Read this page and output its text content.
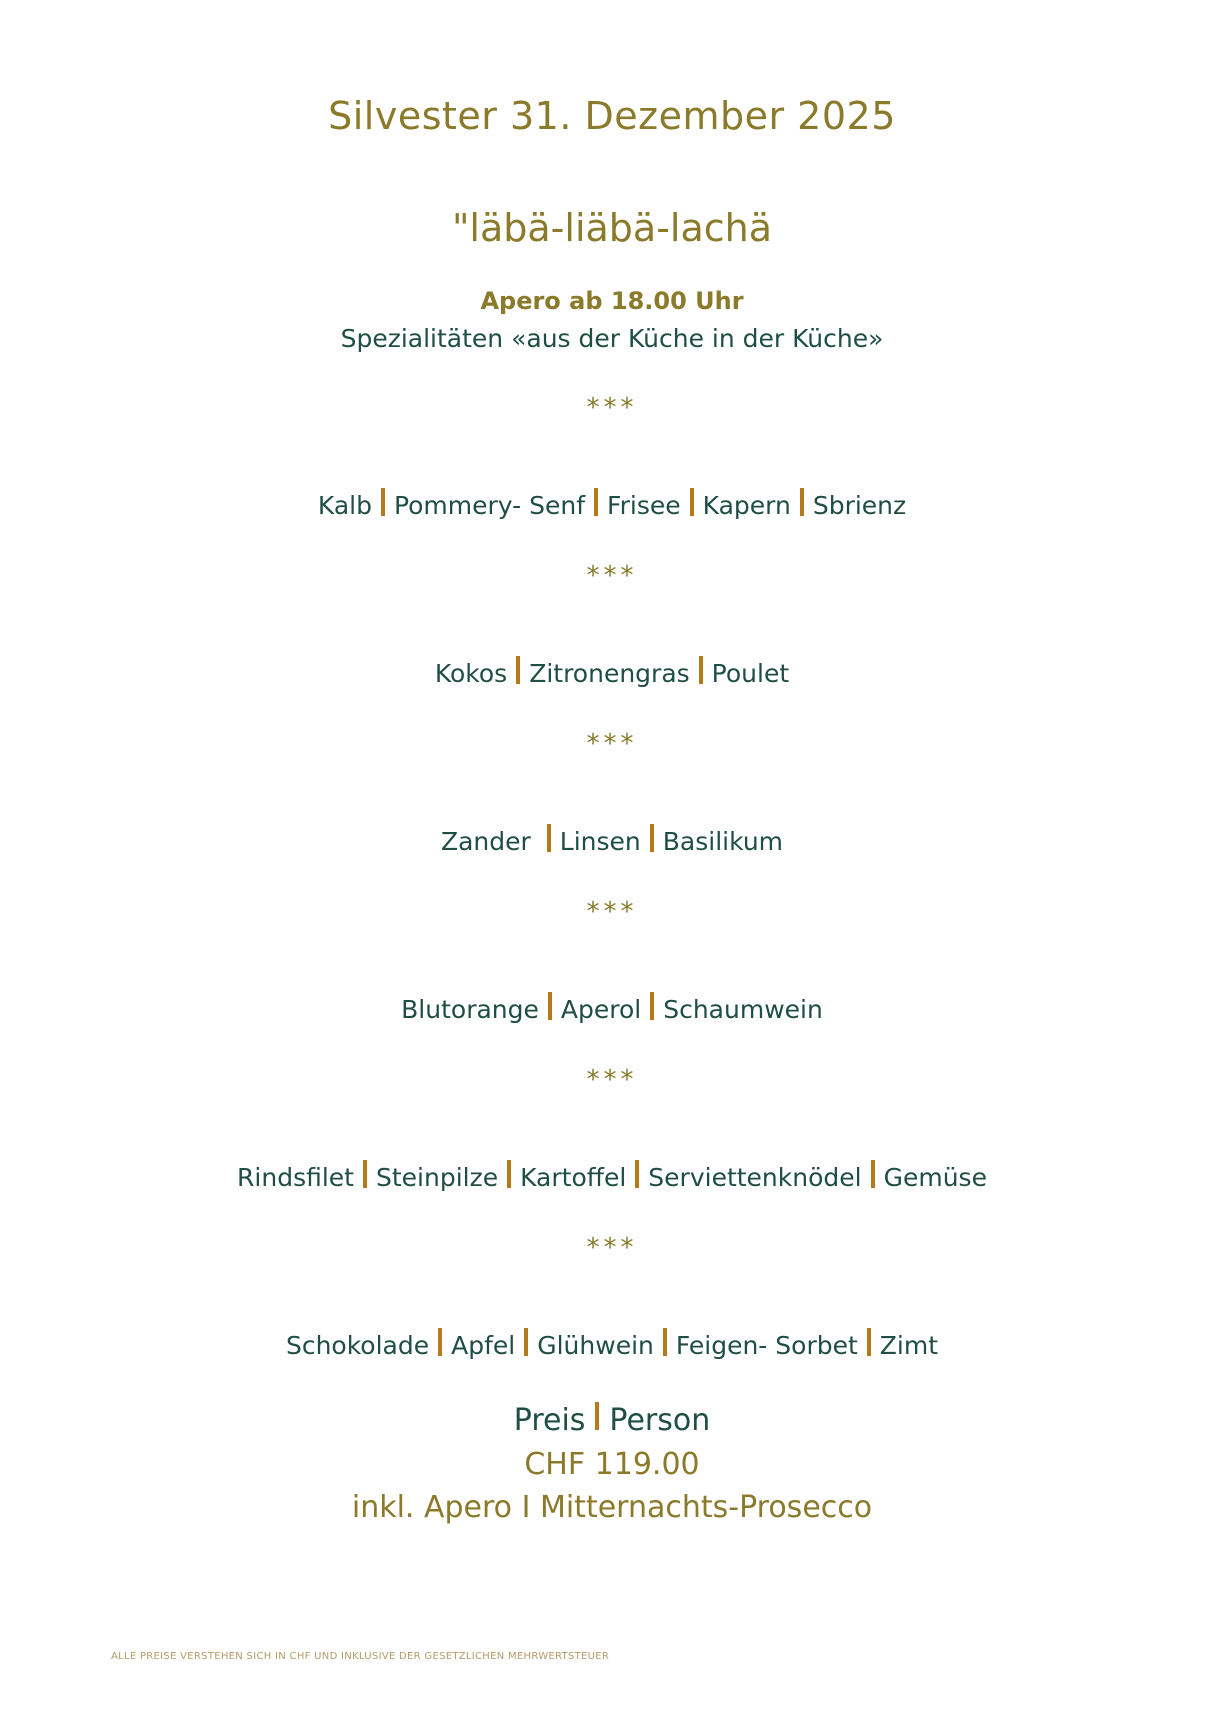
Silvester 31. Dezember 2025
"läbä-liäbä-lachä
Apero ab 18.00 Uhr
Spezialitäten «aus der Küche in der Küche»
***
Kalb Pommery- Senf Frisee Kapern Sbrienz
***
Kokos Zitronengras Poulet
***
Zander Linsen Basilikum
***
Blutorange Aperol Schaumwein
***
Rindsfilet Steinpilze Kartoffel Serviettenknödel Gemüse
***
Schokolade Apfel Glühwein Feigen- Sorbet Zimt
Preis Person
CHF 119.00
inkl. Apero I Mitternachts-Prosecco
ALLE PREISE VERSTEHEN SICH IN CHF UND INKLUSIVE DER GESETZLICHEN MEHRWERTSTEUER
